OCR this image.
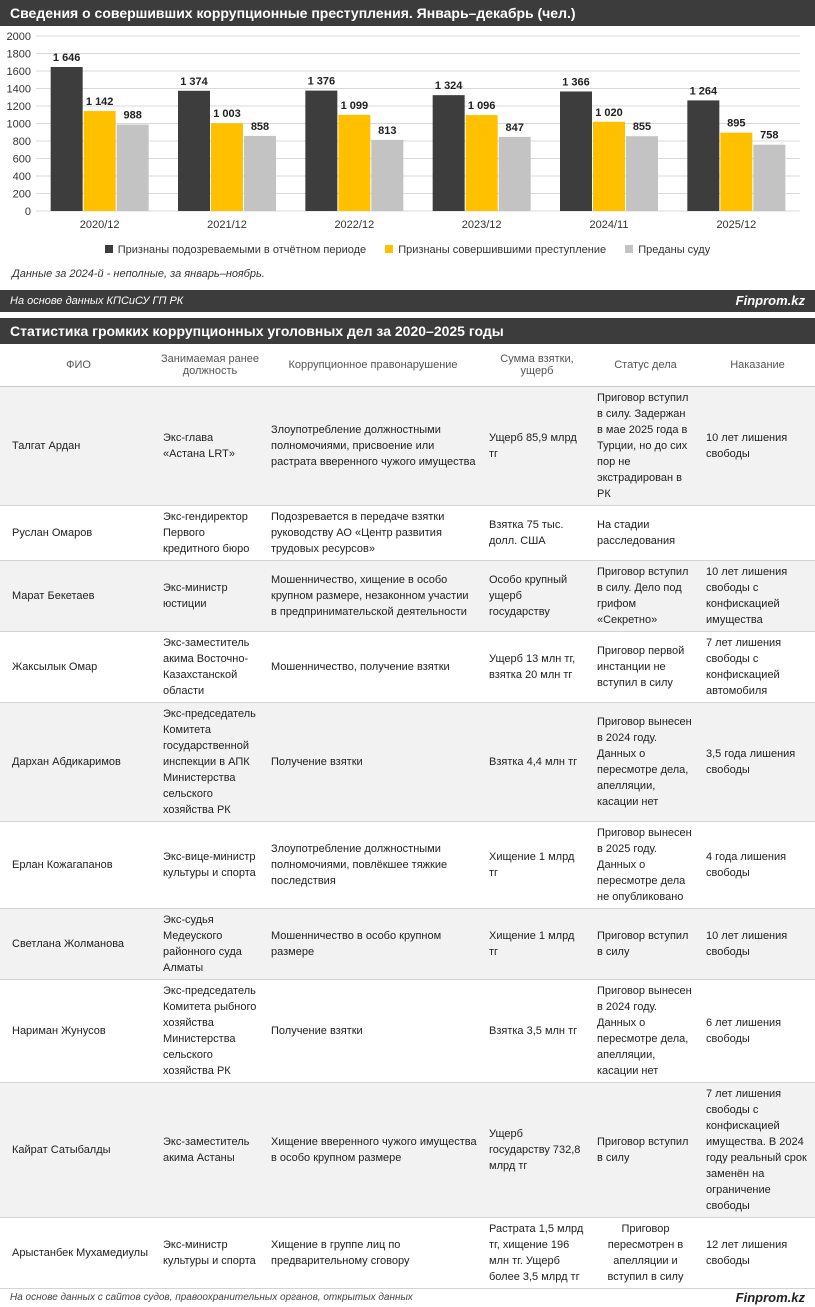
Сведения о совершивших коррупционные преступления. Январь–декабрь (чел.)
0
200
400
600
800
1000
1200
1400
1600
1800
2000
1 646
1 142
988
2020/12
1 374
1 003
858
2021/12
1 376
1 099
813
2022/12
1 324
1 096
847
2023/12
1 366
1 020
855
2024/11
1 264
895
758
2025/12
Признаны подозреваемыми в отчётном периоде	Признаны совершившими преступление	Преданы суду
Данные за 2024-й - неполные, за январь–ноябрь.
На основе данных КПСиСУ ГП РК	Finprom.kz
Статистика громких коррупционных уголовных дел за 2020–2025 годы
ФИО	Занимаемая ранее должность	Коррупционное правонарушение	Сумма взятки, ущерб	Статус дела	Наказание
Талгат Ардан	Экс-глава «Астана LRT»	Злоупотребление должностными полномочиями, присвоение или растрата вверенного чужого имущества	Ущерб 85,9 млрд тг	Приговор вступил в силу. Задержан в мае 2025 года в Турции, но до сих пор не экстрадирован в РК	10 лет лишения свободы
Руслан Омаров	Экс-гендиректор Первого кредитного бюро	Подозревается в передаче взятки руководству АО «Центр развития трудовых ресурсов»	Взятка 75 тыс. долл. США	На стадии расследования	
Марат Бекетаев	Экс-министр юстиции	Мошенничество, хищение в особо крупном размере, незаконном участии в предпринимательской деятельности	Особо крупный ущерб государству	Приговор вступил в силу. Дело под грифом «Секретно»	10 лет лишения свободы с конфискацией имущества
Жаксылык Омар	Экс-заместитель акима Восточно-Казахстанской области	Мошенничество, получение взятки	Ущерб 13 млн тг, взятка 20 млн тг	Приговор первой инстанции не вступил в силу	7 лет лишения свободы с конфискацией автомобиля
Дархан Абдикаримов	Экс-председатель Комитета государственной инспекции в АПК Министерства сельского хозяйства РК	Получение взятки	Взятка 4,4 млн тг	Приговор вынесен в 2024 году. Данных о пересмотре дела, апелляции, касации нет	3,5 года лишения свободы
Ерлан Кожагапанов	Экс-вице-министр культуры и спорта	Злоупотребление должностными полномочиями, повлёкшее тяжкие последствия	Хищение 1 млрд тг	Приговор вынесен в 2025 году. Данных о пересмотре дела не опубликовано	4 года лишения свободы
Светлана Жолманова	Экс-судья Медеуского районного суда Алматы	Мошенничество в особо крупном размере	Хищение 1 млрд тг	Приговор вступил в силу	10 лет лишения свободы
Нариман Жунусов	Экс-председатель Комитета рыбного хозяйства Министерства сельского хозяйства РК	Получение взятки	Взятка 3,5 млн тг	Приговор вынесен в 2024 году. Данных о пересмотре дела, апелляции, касации нет	6 лет лишения свободы
Кайрат Сатыбалды	Экс-заместитель акима Астаны	Хищение вверенного чужого имущества в особо крупном размере	Ущерб государству 732,8 млрд тг	Приговор вступил в силу	7 лет лишения свободы с конфискацией имущества. В 2024 году реальный срок заменён на ограничение свободы
Арыстанбек Мухамедиулы	Экс-министр культуры и спорта	Хищение в группе лиц по предварительному сговору	Растрата 1,5 млрд тг, хищение 196 млн тг. Ущерб более 3,5 млрд тг	Приговор пересмотрен в апелляции и вступил в силу	12 лет лишения свободы
На основе данных с сайтов судов, правоохранительных органов, открытых данных	Finprom.kz
